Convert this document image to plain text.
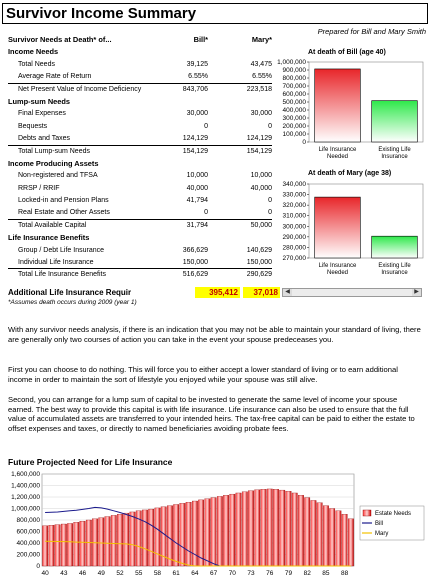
Survivor Income Summary
Prepared for Bill and Mary Smith
Survivor Needs at Death* of...	Bill*	Mary*
Income Needs
Total Needs	39,125	43,475
Average Rate of Return	6.55%	6.55%
Net Present Value of Income Deficiency	843,706	223,518
Lump-sum Needs
Final Expenses	30,000	30,000
Bequests	0	0
Debts and Taxes	124,129	124,129
Total Lump-sum Needs	154,129	154,129
Income Producing Assets
Non-registered and TFSA	10,000	10,000
RRSP / RRIF	40,000	40,000
Locked-in and Pension Plans	41,794	0
Real Estate and Other Assets	0	0
Total Available Capital	31,794	50,000
Life Insurance Benefits
Group / Debt Life Insurance	366,629	140,629
Individual Life Insurance	150,000	150,000
Total Life Insurance Benefits	516,629	290,629
Additional Life Insurance Requir	395,412	37,018	◀	▶
*Assumes death occurs during 2009 (year 1)
With any survivor needs analysis, if there is an indication that you may not be able to maintain your standard of living, there are generally only two courses of action you can take in the event your spouse predeceases you.
First you can choose to do nothing. This will force you to either accept a lower standard of living or to earn additional income in order to maintain the sort of lifestyle you enjoyed while your spouse was still alive.
Second, you can arrange for a lump sum of capital to be invested to generate the same level of income your spouse earned. The best way to provide this capital is with life insurance. Life insurance can also be used to ensure that the full value of accumulated assets are transferred to your intended heirs. The tax-free capital can be paid to either the estate to offset expenses and taxes, or directly to named beneficiaries avoiding probate fees.
At death of Bill (age 40)
1,000,000
900,000
800,000
700,000
600,000
500,000
400,000
300,000
200,000
100,000
0
Life Insurance Needed
Existing Life Insurance
At death of Mary (age 38)
340,000
330,000
320,000
310,000
300,000
290,000
280,000
270,000
Life Insurance Needed
Existing Life Insurance
Future Projected Need for Life Insurance
1,600,000
1,400,000
1,200,000
1,000,000
800,000
600,000
400,000
200,000
0
40 43 46 49 52 55 58 61 64 67 70 73 76 79 82 85 88
Estate Needs
Bill
Mary
